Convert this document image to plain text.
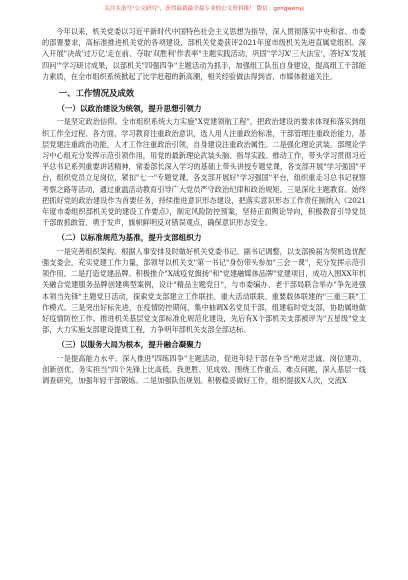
关注头条号"公文研究"，获得最新最全最专业的公文资料推！ 微信：gongwenyj

今年以来，机关党委以习近平新时代中国特色社会主义思想为指导，深入贯彻落实中央和省、市委的部署要求，高标准推进机关党的各项建设，部机关党委获评2021年度市级机关先进直属党组织。深入开展"决战'过万亿'走在前、夺取'双胜利'作表率"主题实践活动，巩固"学习X'三大法宝'，答好X'发展四问'"学习研讨成果，以部机关"四强四争"主题活动为抓手，加强组工队伍自身建设，提高组工干部能力素质，在全市组织系统掀起了比学赶超的新高潮，相关经验做法得到省、市媒体报道关注。

一、工作情况及成效
（一）以政治建设为统领，提升思想引领力

一是坚定政治信仰。全市组织系统大力实施"X党建领航工程"，把政治建设的要求体现和落实到组织工作全过程、各方面，学习教育注重政治意识，选人用人注重政治标准，干部管理注重政治能力，基层党建注重政治功能，人才工作注重政治引领，自身建设注重政治属性。二是强化理论武装。部理论学习中心组充分发挥示范引领作用，用党的最新理论武装头脑、指导实践、推动工作，带头学习贯彻习近平总书记系列重要讲话精神，常委部长深入学习的基础上带头讲授专题党课，各支部开展"学习强国"平台，组织党员立足岗位，紧扣"七一"专题党课，各支部开展好"学习强国"平台，组织重走习总书记视察考察之路等活动，通过重温活动教育引导广大党员严守政治纪律和政治规矩。三是深化主题教育。始终把抓好党的政治建设作为首要任务，持续推进意识形态建设，把落实意识形态工作责任制纳入《2021年度市委组织部机关党的建设工作要点》，制定风险防控预案，坚持正面舆论导向，积极教育引导党员干部敢抓敢管、勇于发声，旗帜鲜明反对错误观点，确保意识形态安全。

（二）以标准规范为基准，提升支部组织力

一是完善组织架构。根据人事安排及时做好机关党委书记、副书记调整，以支部换届为契机选优配强支委会，充实党建工作力量，部领导以机关支"第一书记"身份带头参加"三会一课"，充分发挥示范引领作用。二是打造党建品牌。积极推介"X战疫党旗扬"和"党建融媒体品牌"党建项目，成功入围XX年机关融合党建服务品牌创建典型案例，设计"精品主题党日"，与市委编办、老干部局联合举办"争先进强本领当先锋"主题党日活动，探索党支部建立工作联挂、重大活动联联、重要载体联建的"三重三联"工作模式。三是突出好标先进，在疫情防控期间，集中抽调X名党员干部，组建临时党支部，协助属地做好疫情防控工作。推进机关基层党支部标准化规范化建设，先后有X个部机关支部被评为"五星级"党支部，大力实施支部建设提质工程，力争明年部机关支部全部达标。

（三）以服务大局为根本，提升融合凝聚力

一是提高能力水平。深入推进"四练四争"主题活动，促进年轻干部在争当"绝对忠诚、岗位建功、创新创优、务实担当"四个先锋上比高低、我更胜、见成效。围绕工作重点、难点问题，深入基层一线调查研究，加强年轻干部锻炼。二是加强队伍规划。积极稳妥做好工作，组织提拔X人次，交流X
